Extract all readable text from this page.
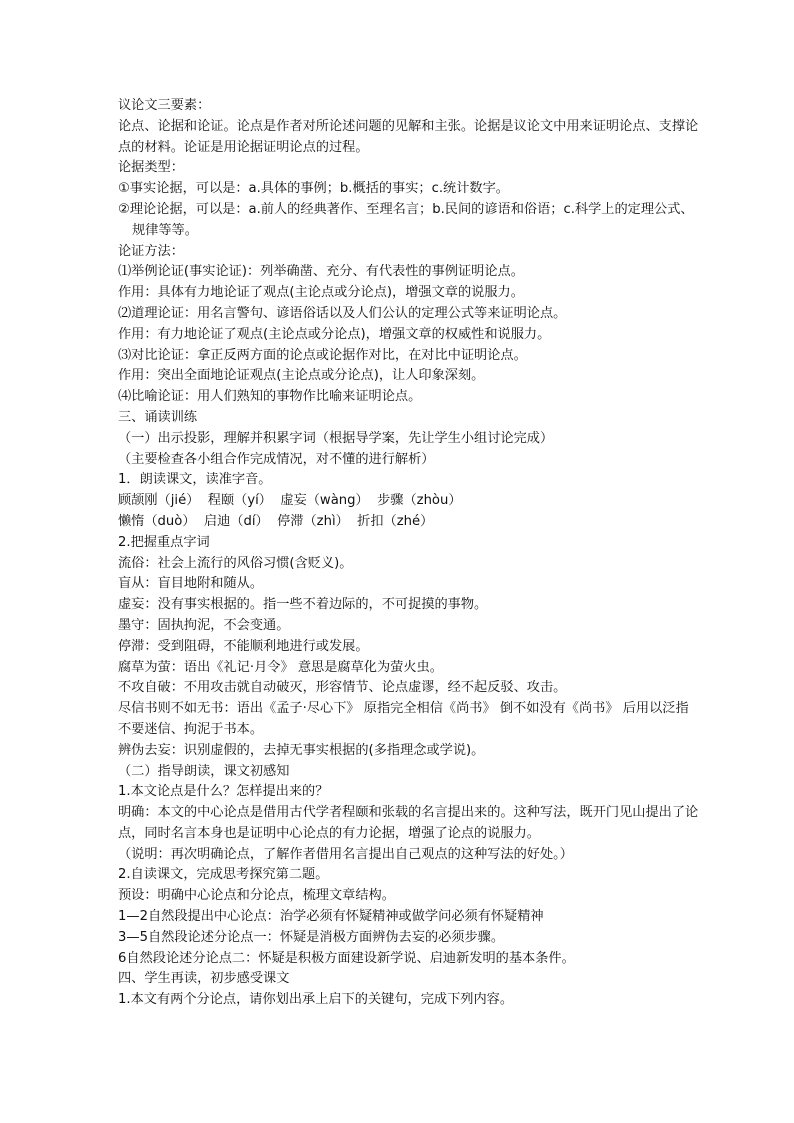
议论文三要素：

论点、论据和论证。论点是作者对所论述问题的见解和主张。论据是议论文中用来证明论点、支撑论点的材料。论证是用论据证明论点的过程。

论据类型：

①事实论据，可以是：a.具体的事例；b.概括的事实；c.统计数字。

②理论论据，可以是：a.前人的经典著作、至理名言；b.民间的谚语和俗语；c.科学上的定理公式、规律等等。

论证方法：

⑴举例论证(事实论证)：列举确凿、充分、有代表性的事例证明论点。

作用：具体有力地论证了观点(主论点或分论点)，增强文章的说服力。

⑵道理论证：用名言警句、谚语俗话以及人们公认的定理公式等来证明论点。

作用：有力地论证了观点(主论点或分论点)，增强文章的权威性和说服力。

⑶对比论证：拿正反两方面的论点或论据作对比，在对比中证明论点。

作用：突出全面地论证观点(主论点或分论点)，让人印象深刻。

⑷比喻论证：用人们熟知的事物作比喻来证明论点。

三、诵读训练

（一）出示投影，理解并积累字词（根据导学案，先让学生小组讨论完成）

（主要检查各小组合作完成情况，对不懂的进行解析）

1．朗读课文，读准字音。

顾颉刚（jié）  程颐（yí）  虚妄（wàng）  步骤（zhòu）

懒惰（duò）  启迪（dí）  停滞（zhì）  折扣（zhé）

2.把握重点字词

流俗：社会上流行的风俗习惯(含贬义)。

盲从：盲目地附和随从。

虚妄：没有事实根据的。指一些不着边际的，不可捉摸的事物。

墨守：固执拘泥，不会变通。

停滞：受到阻碍，不能顺利地进行或发展。

腐草为萤：语出《礼记·月令》 意思是腐草化为萤火虫。

不攻自破：不用攻击就自动破灭，形容情节、论点虚谬，经不起反驳、攻击。

尽信书则不如无书：语出《孟子·尽心下》 原指完全相信《尚书》 倒不如没有《尚书》 后用以泛指不要迷信、拘泥于书本。

辨伪去妄：识别虚假的，去掉无事实根据的(多指理念或学说)。

（二）指导朗读，课文初感知

1.本文论点是什么？怎样提出来的？

明确：本文的中心论点是借用古代学者程颐和张载的名言提出来的。这种写法，既开门见山提出了论点，同时名言本身也是证明中心论点的有力论据，增强了论点的说服力。

（说明：再次明确论点，了解作者借用名言提出自己观点的这种写法的好处。）

2.自读课文，完成思考探究第二题。

预设：明确中心论点和分论点，梳理文章结构。

1—2自然段提出中心论点：治学必须有怀疑精神或做学问必须有怀疑精神

3—5自然段论述分论点一：怀疑是消极方面辨伪去妄的必须步骤。

6自然段论述分论点二：怀疑是积极方面建设新学说、启迪新发明的基本条件。

四、学生再读，初步感受课文

1.本文有两个分论点，请你划出承上启下的关键句，完成下列内容。
